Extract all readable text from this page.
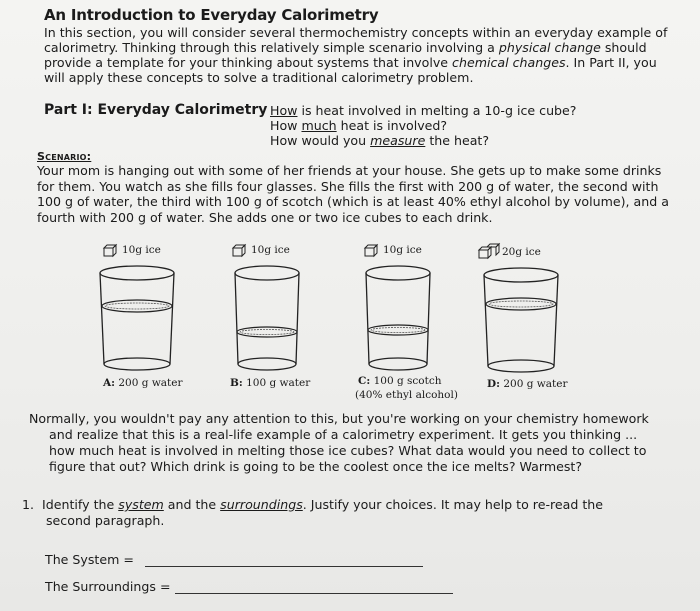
An Introduction to Everyday Calorimetry
In this section, you will consider several thermochemistry concepts within an everyday example of
calorimetry. Thinking through this relatively simple scenario involving a physical change should
provide a template for your thinking about systems that involve chemical changes. In Part II, you
will apply these concepts to solve a traditional calorimetry problem.
Part I: Everyday Calorimetry How is heat involved in melting a 10-g ice cube?
How much heat is involved?
How would you measure the heat?
Scenario:
Your mom is hanging out with some of her friends at your house. She gets up to make some drinks
for them. You watch as she fills four glasses. She fills the first with 200 g of water, the second with
100 g of water, the third with 100 g of scotch (which is at least 40% ethyl alcohol by volume), and a
fourth with 200 g of water. She adds one or two ice cubes to each drink.
10g ice
A: 200 g water
10g ice
B: 100 g water
10g ice
C: 100 g scotch
(40% ethyl alcohol)
20g ice
D: 200 g water
Normally, you wouldn't pay any attention to this, but you're working on your chemistry homework
and realize that this is a real-life example of a calorimetry experiment. It gets you thinking ...
how much heat is involved in melting those ice cubes? What data would you need to collect to
figure that out? Which drink is going to be the coolest once the ice melts? Warmest?
1. Identify the system and the surroundings. Justify your choices. It may help to re-read the
second paragraph.
The System =
The Surroundings =
